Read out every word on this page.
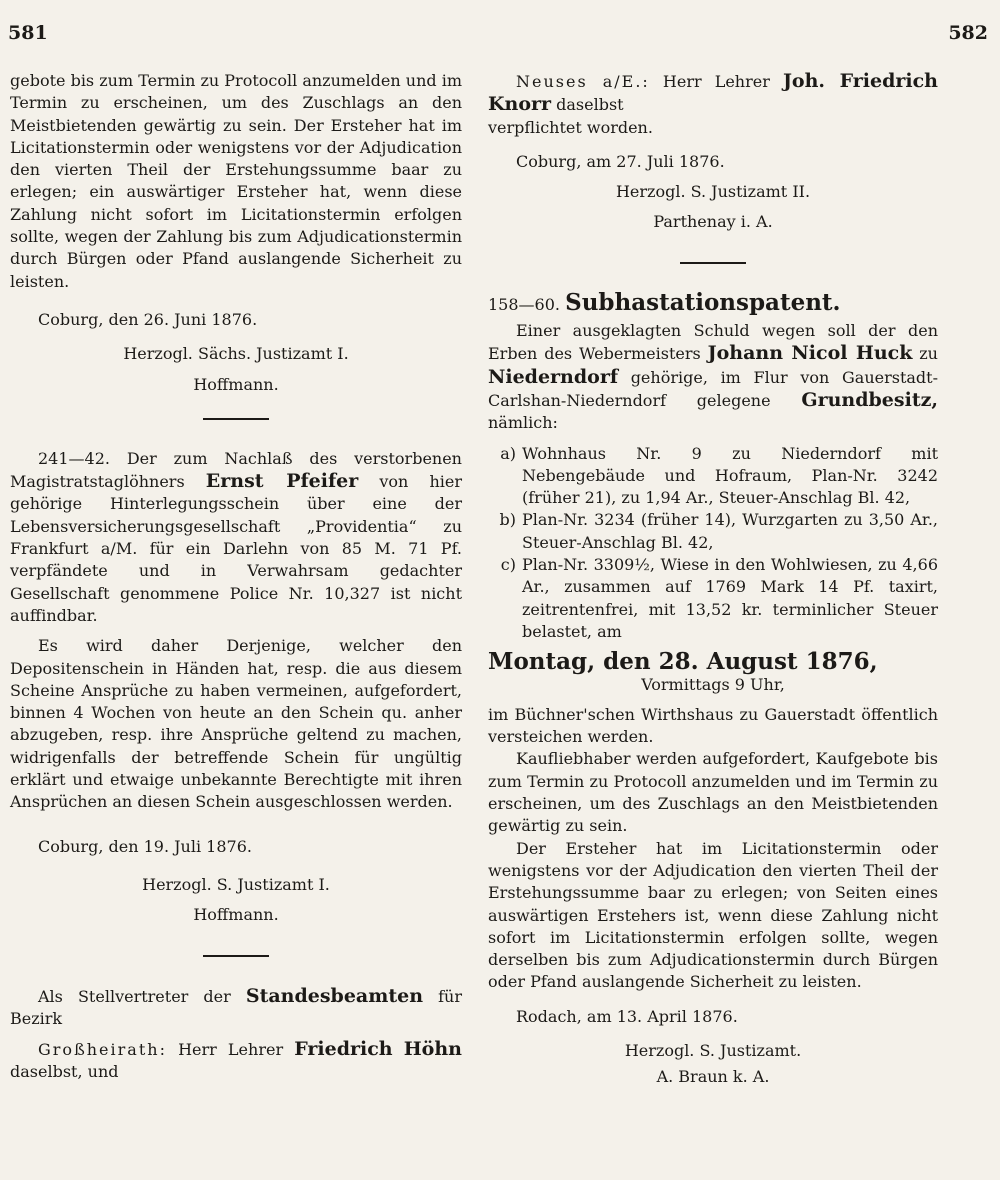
581	582

gebote bis zum Termin zu Protocoll anzumelden und im Termin zu erscheinen, um des Zuschlags an den Meistbietenden gewärtig zu sein. Der Ersteher hat im Licitationstermin oder wenigstens vor der Adjudication den vierten Theil der Erstehungssumme baar zu erlegen; ein auswärtiger Ersteher hat, wenn diese Zahlung nicht sofort im Licitationstermin erfolgen sollte, wegen der Zahlung bis zum Adjudicationstermin durch Bürgen oder Pfand auslangende Sicherheit zu leisten.

Coburg, den 26. Juni 1876.

Herzogl. Sächs. Justizamt I.

Hoffmann.

241—42. Der zum Nachlaß des verstorbenen Magistratstaglöhners Ernst Pfeifer von hier gehörige Hinterlegungsschein über eine der Lebensversicherungsgesellschaft „Providentia“ zu Frankfurt a/M. für ein Darlehn von 85 M. 71 Pf. verpfändete und in Verwahrsam gedachter Gesellschaft genommene Police Nr. 10,327 ist nicht auffindbar.

Es wird daher Derjenige, welcher den Depositenschein in Händen hat, resp. die aus diesem Scheine Ansprüche zu haben vermeinen, aufgefordert, binnen 4 Wochen von heute an den Schein qu. anher abzugeben, resp. ihre Ansprüche geltend zu machen, widrigenfalls der betreffende Schein für ungültig erklärt und etwaige unbekannte Berechtigte mit ihren Ansprüchen an diesen Schein ausgeschlossen werden.

Coburg, den 19. Juli 1876.

Herzogl. S. Justizamt I.

Hoffmann.

Als Stellvertreter der Standesbeamten für Bezirk

Großheirath: Herr Lehrer Friedrich Höhn daselbst, und

Neuses a/E.: Herr Lehrer Joh. Friedrich Knorr daselbst

verpflichtet worden.

Coburg, am 27. Juli 1876.

Herzogl. S. Justizamt II.

Parthenay i. A.

158—60. Subhastationspatent.

Einer ausgeklagten Schuld wegen soll der den Erben des Webermeisters Johann Nicol Huck zu Niederndorf gehörige, im Flur von Gauerstadt-Carlshan-Niederndorf gelegene Grundbesitz, nämlich:

a) Wohnhaus Nr. 9 zu Niederndorf mit Nebengebäude und Hofraum, Plan-Nr. 3242 (früher 21), zu 1,94 Ar., Steuer-Anschlag Bl. 42,
b) Plan-Nr. 3234 (früher 14), Wurzgarten zu 3,50 Ar., Steuer-Anschlag Bl. 42,
c) Plan-Nr. 3309½, Wiese in den Wohlwiesen, zu 4,66 Ar., zusammen auf 1769 Mark 14 Pf. taxirt, zeitrentenfrei, mit 13,52 kr. terminlicher Steuer belastet, am

Montag, den 28. August 1876,

Vormittags 9 Uhr,

im Büchner'schen Wirthshaus zu Gauerstadt öffentlich versteichen werden.

Kaufliebhaber werden aufgefordert, Kaufgebote bis zum Termin zu Protocoll anzumelden und im Termin zu erscheinen, um des Zuschlags an den Meistbietenden gewärtig zu sein.

Der Ersteher hat im Licitationstermin oder wenigstens vor der Adjudication den vierten Theil der Erstehungssumme baar zu erlegen; von Seiten eines auswärtigen Erstehers ist, wenn diese Zahlung nicht sofort im Licitationstermin erfolgen sollte, wegen derselben bis zum Adjudicationstermin durch Bürgen oder Pfand auslangende Sicherheit zu leisten.

Rodach, am 13. April 1876.

Herzogl. S. Justizamt.

A. Braun k. A.
